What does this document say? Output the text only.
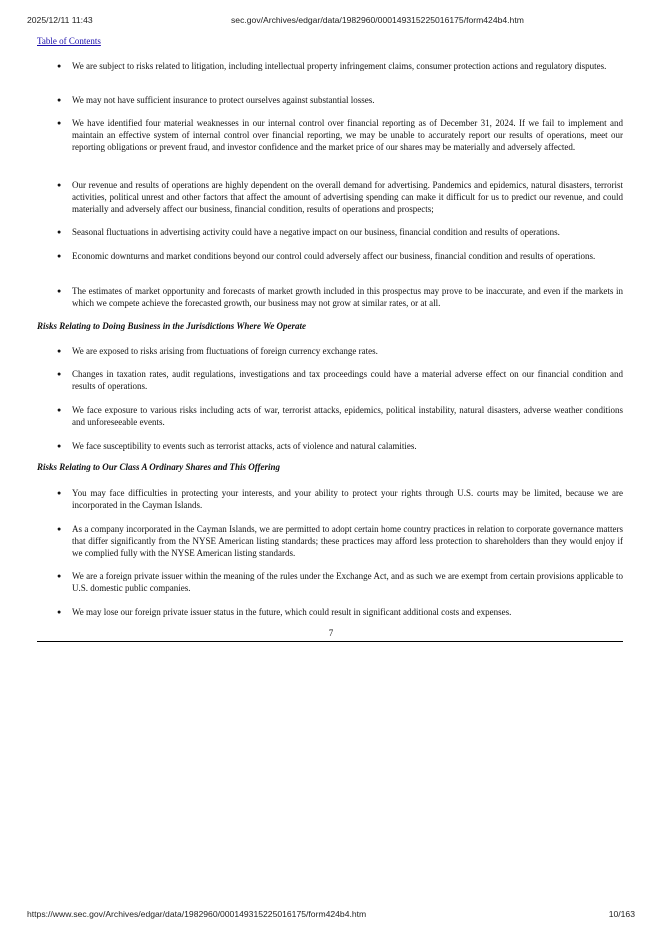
2025/12/11 11:43	sec.gov/Archives/edgar/data/1982960/000149315225016175/form424b4.htm
Table of Contents
●	We are subject to risks related to litigation, including intellectual property infringement claims, consumer protection actions and regulatory disputes.
●	We may not have sufficient insurance to protect ourselves against substantial losses.
●	We have identified four material weaknesses in our internal control over financial reporting as of December 31, 2024. If we fail to implement and maintain an effective system of internal control over financial reporting, we may be unable to accurately report our results of operations, meet our reporting obligations or prevent fraud, and investor confidence and the market price of our shares may be materially and adversely affected.
●	Our revenue and results of operations are highly dependent on the overall demand for advertising. Pandemics and epidemics, natural disasters, terrorist activities, political unrest and other factors that affect the amount of advertising spending can make it difficult for us to predict our revenue, and could materially and adversely affect our business, financial condition, results of operations and prospects;
●	Seasonal fluctuations in advertising activity could have a negative impact on our business, financial condition and results of operations.
●	Economic downturns and market conditions beyond our control could adversely affect our business, financial condition and results of operations.
●	The estimates of market opportunity and forecasts of market growth included in this prospectus may prove to be inaccurate, and even if the markets in which we compete achieve the forecasted growth, our business may not grow at similar rates, or at all.
Risks Relating to Doing Business in the Jurisdictions Where We Operate
●	We are exposed to risks arising from fluctuations of foreign currency exchange rates.
●	Changes in taxation rates, audit regulations, investigations and tax proceedings could have a material adverse effect on our financial condition and results of operations.
●	We face exposure to various risks including acts of war, terrorist attacks, epidemics, political instability, natural disasters, adverse weather conditions and unforeseeable events.
●	We face susceptibility to events such as terrorist attacks, acts of violence and natural calamities.
Risks Relating to Our Class A Ordinary Shares and This Offering
●	You may face difficulties in protecting your interests, and your ability to protect your rights through U.S. courts may be limited, because we are incorporated in the Cayman Islands.
●	As a company incorporated in the Cayman Islands, we are permitted to adopt certain home country practices in relation to corporate governance matters that differ significantly from the NYSE American listing standards; these practices may afford less protection to shareholders than they would enjoy if we complied fully with the NYSE American listing standards.
●	We are a foreign private issuer within the meaning of the rules under the Exchange Act, and as such we are exempt from certain provisions applicable to U.S. domestic public companies.
●	We may lose our foreign private issuer status in the future, which could result in significant additional costs and expenses.
7
https://www.sec.gov/Archives/edgar/data/1982960/000149315225016175/form424b4.htm	10/163
